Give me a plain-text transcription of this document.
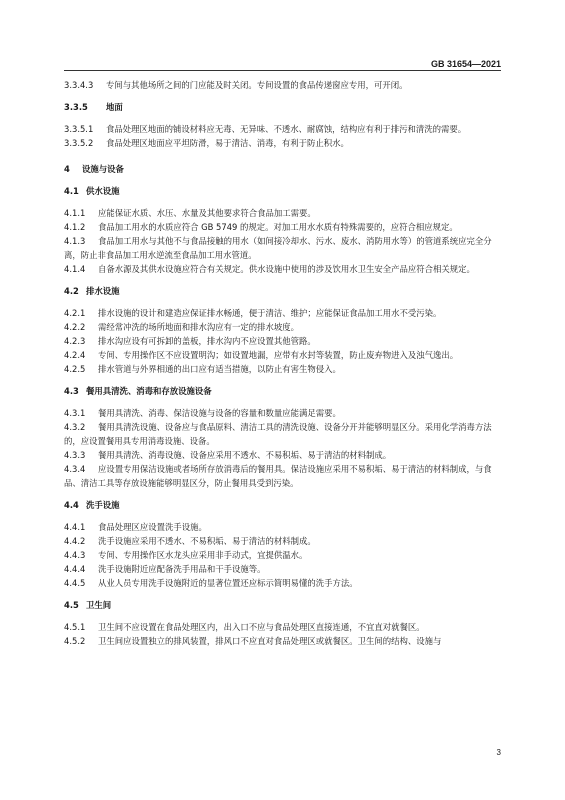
GB 31654—2021

3.3.4.3 专间与其他场所之间的门应能及时关闭。专间设置的食品传递窗应专用，可开闭。

3.3.5 地面

3.3.5.1 食品处理区地面的铺设材料应无毒、无异味、不透水、耐腐蚀，结构应有利于排污和清洗的需要。

3.3.5.2 食品处理区地面应平坦防滑，易于清洁、消毒，有利于防止积水。

4 设施与设备

4.1 供水设施

4.1.1 应能保证水质、水压、水量及其他要求符合食品加工需要。

4.1.2 食品加工用水的水质应符合 GB 5749 的规定。对加工用水水质有特殊需要的，应符合相应规定。

4.1.3 食品加工用水与其他不与食品接触的用水（如间接冷却水、污水、废水、消防用水等）的管道系统应完全分离，防止非食品加工用水逆流至食品加工用水管道。

4.1.4 自备水源及其供水设施应符合有关规定。供水设施中使用的涉及饮用水卫生安全产品应符合相关规定。

4.2 排水设施

4.2.1 排水设施的设计和建造应保证排水畅通，便于清洁、维护；应能保证食品加工用水不受污染。

4.2.2 需经常冲洗的场所地面和排水沟应有一定的排水坡度。

4.2.3 排水沟应设有可拆卸的盖板，排水沟内不应设置其他管路。

4.2.4 专间、专用操作区不应设置明沟；如设置地漏，应带有水封等装置，防止废弃物进入及浊气逸出。

4.2.5 排水管道与外界相通的出口应有适当措施，以防止有害生物侵入。

4.3 餐用具清洗、消毒和存放设施设备

4.3.1 餐用具清洗、消毒、保洁设施与设备的容量和数量应能满足需要。

4.3.2 餐用具清洗设施、设备应与食品原料、清洁工具的清洗设施、设备分开并能够明显区分。采用化学消毒方法的，应设置餐用具专用消毒设施、设备。

4.3.3 餐用具清洗、消毒设施、设备应采用不透水、不易积垢、易于清洁的材料制成。

4.3.4 应设置专用保洁设施或者场所存放消毒后的餐用具。保洁设施应采用不易积垢、易于清洁的材料制成，与食品、清洁工具等存放设施能够明显区分，防止餐用具受到污染。

4.4 洗手设施

4.4.1 食品处理区应设置洗手设施。

4.4.2 洗手设施应采用不透水、不易积垢、易于清洁的材料制成。

4.4.3 专间、专用操作区水龙头应采用非手动式，宜提供温水。

4.4.4 洗手设施附近应配备洗手用品和干手设施等。

4.4.5 从业人员专用洗手设施附近的显著位置还应标示简明易懂的洗手方法。

4.5 卫生间

4.5.1 卫生间不应设置在食品处理区内，出入口不应与食品处理区直接连通，不宜直对就餐区。

4.5.2 卫生间应设置独立的排风装置，排风口不应直对食品处理区或就餐区。卫生间的结构、设施与

3
